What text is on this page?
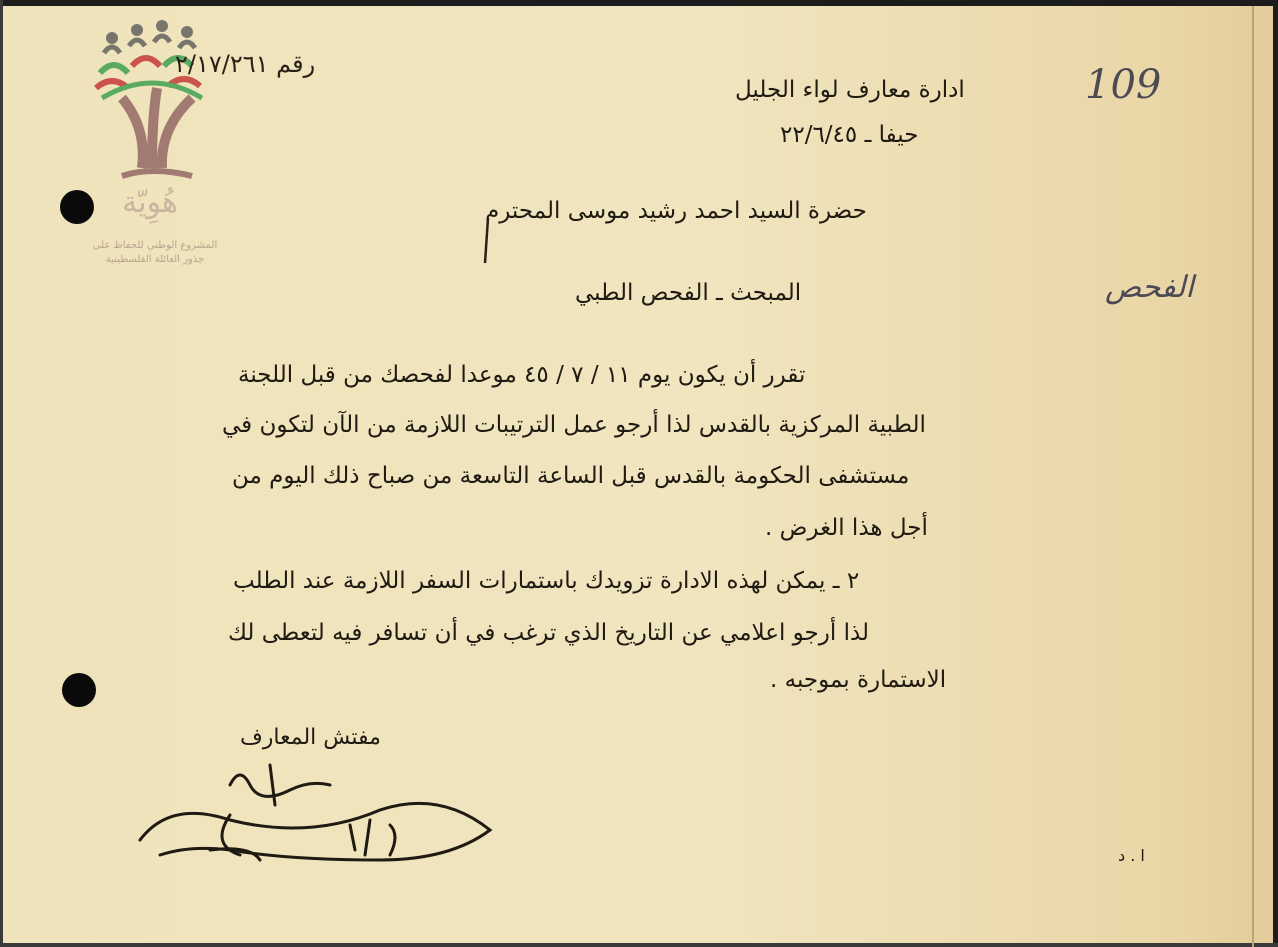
هُوِيّة
المشروع الوطني للحفاظ على
جذور العائلة الفلسطينية
رقم ٢/١٧/٢٦١	109
الفحص
ادارة معارف لواء الجليل
حيفا ـ ٢٢/٦/٤٥
حضرة السيد احمد رشيد موسى المحترم
المبحث ـ الفحص الطبي
تقرر أن يكون يوم ١١ / ٧ / ٤٥ موعدا لفحصك من قبل اللجنة
الطبية المركزية بالقدس لذا أرجو عمل الترتيبات اللازمة من الآن لتكون في
مستشفى الحكومة بالقدس قبل الساعة التاسعة من صباح ذلك اليوم من
أجل هذا الغرض .
٢ ـ يمكن لهذه الادارة تزويدك باستمارات السفر اللازمة عند الطلب
لذا أرجو اعلامي عن التاريخ الذي ترغب في أن تسافر فيه لتعطى لك
الاستمارة بموجبه .
مفتش المعارف
ا . د
